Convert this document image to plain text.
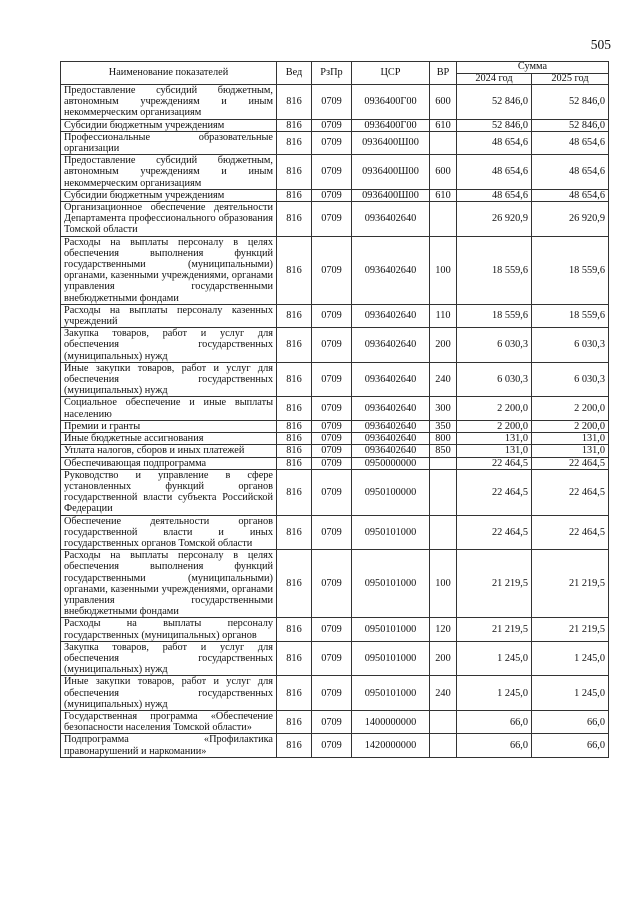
505
Наименование показателей	Вед	РзПр	ЦСР	ВР	Сумма	
					2024 год	2025 год
Предоставление субсидий бюджетным, автономным учреждениям и иным некоммерческим организациям	816	0709	0936400Г00	600	52 846,0	52 846,0
Субсидии бюджетным учреждениям	816	0709	0936400Г00	610	52 846,0	52 846,0
Профессиональные образовательные организации	816	0709	0936400Ш00		48 654,6	48 654,6
Предоставление субсидий бюджетным, автономным учреждениям и иным некоммерческим организациям	816	0709	0936400Ш00	600	48 654,6	48 654,6
Субсидии бюджетным учреждениям	816	0709	0936400Ш00	610	48 654,6	48 654,6
Организационное обеспечение деятельности Департамента профессионального образования Томской области	816	0709	0936402640		26 920,9	26 920,9
Расходы на выплаты персоналу в целях обеспечения выполнения функций государственными (муниципальными) органами, казенными учреждениями, органами управления государственными внебюджетными фондами	816	0709	0936402640	100	18 559,6	18 559,6
Расходы на выплаты персоналу казенных учреждений	816	0709	0936402640	110	18 559,6	18 559,6
Закупка товаров, работ и услуг для обеспечения государственных (муниципальных) нужд	816	0709	0936402640	200	6 030,3	6 030,3
Иные закупки товаров, работ и услуг для обеспечения государственных (муниципальных) нужд	816	0709	0936402640	240	6 030,3	6 030,3
Социальное обеспечение и иные выплаты населению	816	0709	0936402640	300	2 200,0	2 200,0
Премии и гранты	816	0709	0936402640	350	2 200,0	2 200,0
Иные бюджетные ассигнования	816	0709	0936402640	800	131,0	131,0
Уплата налогов, сборов и иных платежей	816	0709	0936402640	850	131,0	131,0
Обеспечивающая подпрограмма	816	0709	0950000000		22 464,5	22 464,5
Руководство и управление в сфере установленных функций органов государственной власти субъекта Российской Федерации	816	0709	0950100000		22 464,5	22 464,5
Обеспечение деятельности органов государственной власти и иных государственных органов Томской области	816	0709	0950101000		22 464,5	22 464,5
Расходы на выплаты персоналу в целях обеспечения выполнения функций государственными (муниципальными) органами, казенными учреждениями, органами управления государственными внебюджетными фондами	816	0709	0950101000	100	21 219,5	21 219,5
Расходы на выплаты персоналу государственных (муниципальных) органов	816	0709	0950101000	120	21 219,5	21 219,5
Закупка товаров, работ и услуг для обеспечения государственных (муниципальных) нужд	816	0709	0950101000	200	1 245,0	1 245,0
Иные закупки товаров, работ и услуг для обеспечения государственных (муниципальных) нужд	816	0709	0950101000	240	1 245,0	1 245,0
Государственная программа «Обеспечение безопасности населения Томской области»	816	0709	1400000000		66,0	66,0
Подпрограмма «Профилактика правонарушений и наркомании»	816	0709	1420000000		66,0	66,0
